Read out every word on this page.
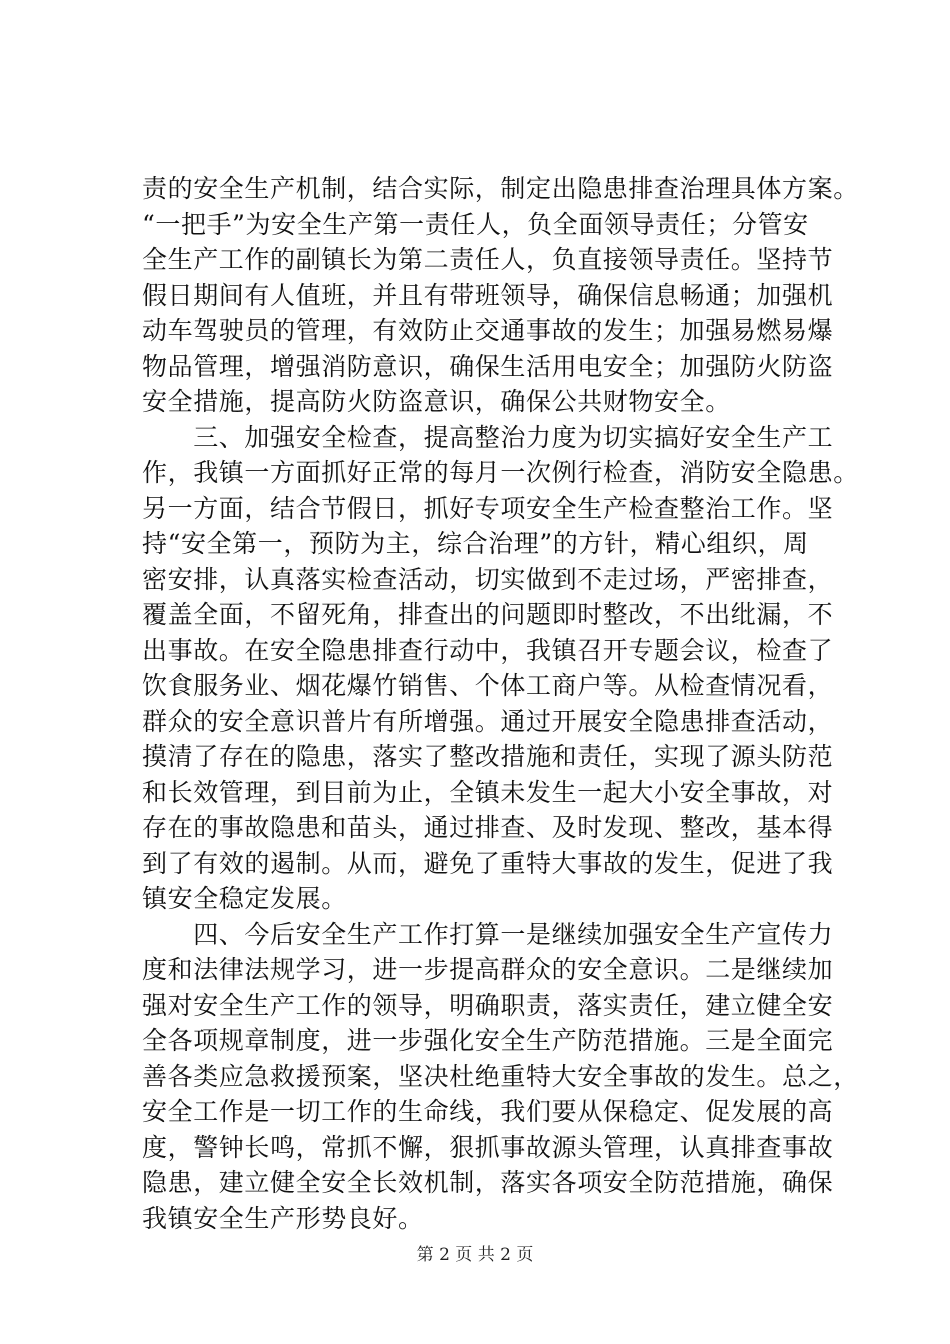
责的安全生产机制，结合实际，制定出隐患排查治理具体方案。
“一把手”为安全生产第一责任人，负全面领导责任；分管安
全生产工作的副镇长为第二责任人，负直接领导责任。坚持节
假日期间有人值班，并且有带班领导，确保信息畅通；加强机
动车驾驶员的管理，有效防止交通事故的发生；加强易燃易爆
物品管理，增强消防意识，确保生活用电安全；加强防火防盗
安全措施，提高防火防盗意识，确保公共财物安全。
　　三、加强安全检查，提高整治力度为切实搞好安全生产工
作，我镇一方面抓好正常的每月一次例行检查，消防安全隐患。
另一方面，结合节假日，抓好专项安全生产检查整治工作。坚
持“安全第一，预防为主，综合治理”的方针，精心组织，周
密安排，认真落实检查活动，切实做到不走过场，严密排查，
覆盖全面，不留死角，排查出的问题即时整改，不出纰漏，不
出事故。在安全隐患排查行动中，我镇召开专题会议，检查了
饮食服务业、烟花爆竹销售、个体工商户等。从检查情况看，
群众的安全意识普片有所增强。通过开展安全隐患排查活动，
摸清了存在的隐患，落实了整改措施和责任，实现了源头防范
和长效管理，到目前为止，全镇未发生一起大小安全事故，对
存在的事故隐患和苗头，通过排查、及时发现、整改，基本得
到了有效的遏制。从而，避免了重特大事故的发生，促进了我
镇安全稳定发展。
　　四、今后安全生产工作打算一是继续加强安全生产宣传力
度和法律法规学习，进一步提高群众的安全意识。二是继续加
强对安全生产工作的领导，明确职责，落实责任，建立健全安
全各项规章制度，进一步强化安全生产防范措施。三是全面完
善各类应急救援预案，坚决杜绝重特大安全事故的发生。总之，
安全工作是一切工作的生命线，我们要从保稳定、促发展的高
度，警钟长鸣，常抓不懈，狠抓事故源头管理，认真排查事故
隐患，建立健全安全长效机制，落实各项安全防范措施，确保
我镇安全生产形势良好。
第 2 页 共 2 页
